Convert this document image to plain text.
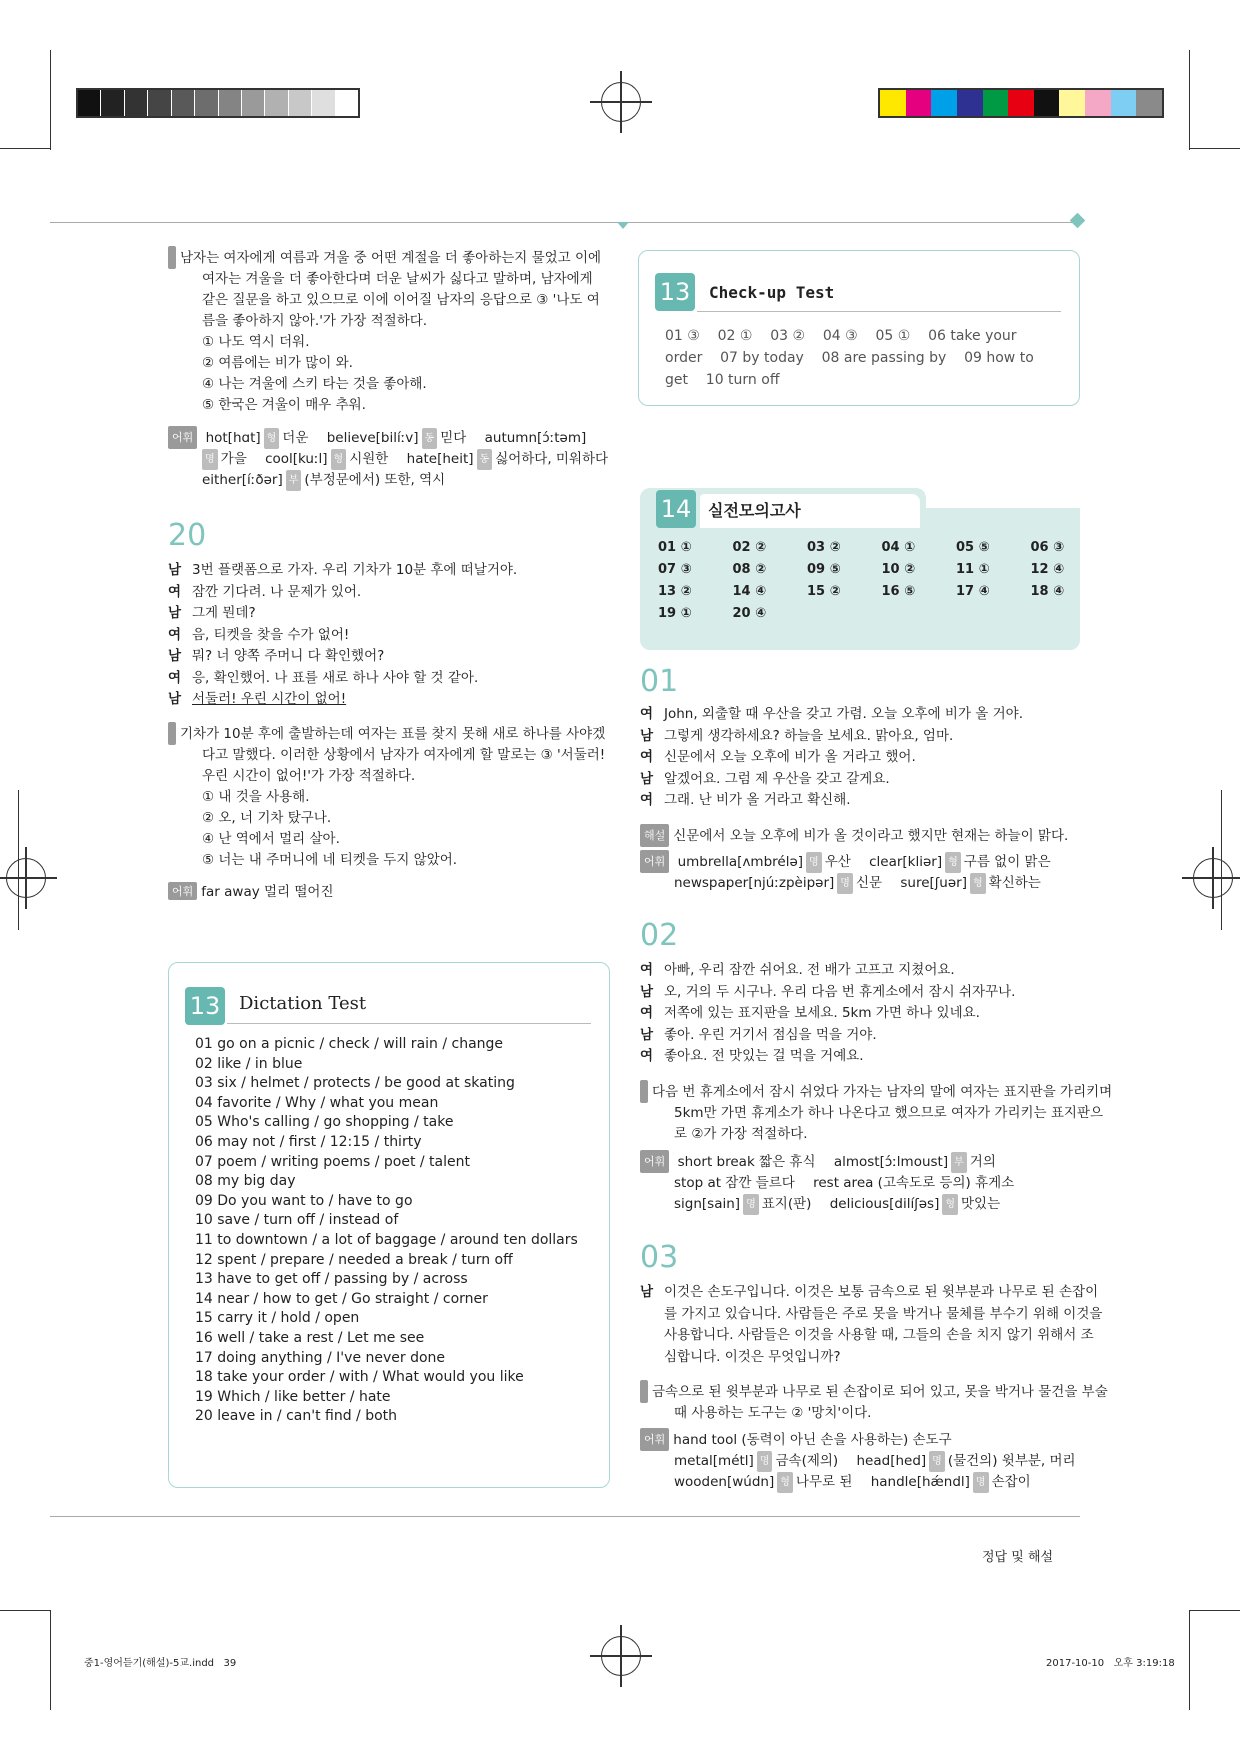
해설 남자는 여자에게 여름과 겨울 중 어떤 계절을 더 좋아하는지 물었고 이에 여자는 겨울을 더 좋아한다며 더운 날씨가 싫다고 말하며, 남자에게 같은 질문을 하고 있으므로 이에 이어질 남자의 응답으로 ③ '나도 여름을 좋아하지 않아.'가 가장 적절하다.
① 나도 역시 더워.
② 여름에는 비가 많이 와.
④ 나는 겨울에 스키 타는 것을 좋아해.
⑤ 한국은 겨울이 매우 추워.
어휘 hot[hɑt] 형 더운 believe[bilíːv] 동 믿다 autumn[ɔ́ːtəm]
명 가을 cool[kuːl] 형 시원한 hate[heit] 동 싫어하다, 미워하다
either[íːðər] 부 (부정문에서) 또한, 역시
20
남 3번 플랫폼으로 가자. 우리 기차가 10분 후에 떠날거야.
여 잠깐 기다려. 나 문제가 있어.
남 그게 뭔데?
여 음, 티켓을 찾을 수가 없어!
남 뭐? 너 양쪽 주머니 다 확인했어?
여 응, 확인했어. 나 표를 새로 하나 사야 할 것 같아.
남 서둘러! 우린 시간이 없어!
해설 기차가 10분 후에 출발하는데 여자는 표를 찾지 못해 새로 하나를 사야겠다고 말했다. 이러한 상황에서 남자가 여자에게 할 말로는 ③ '서둘러! 우린 시간이 없어!'가 가장 적절하다.
① 내 것을 사용해.
② 오, 너 기차 탔구나.
④ 난 역에서 멀리 살아.
⑤ 너는 내 주머니에 네 티켓을 두지 않았어.
어휘 far away 멀리 떨어진
13 Dictation Test
01 go on a picnic / check / will rain / change
02 like / in blue
03 six / helmet / protects / be good at skating
04 favorite / Why / what you mean
05 Who's calling / go shopping / take
06 may not / first / 12:15 / thirty
07 poem / writing poems / poet / talent
08 my big day
09 Do you want to / have to go
10 save / turn off / instead of
11 to downtown / a lot of baggage / around ten dollars
12 spent / prepare / needed a break / turn off
13 have to get off / passing by / across
14 near / how to get / Go straight / corner
15 carry it / hold / open
16 well / take a rest / Let me see
17 doing anything / I've never done
18 take your order / with / What would you like
19 Which / like better / hate
20 leave in / can't find / both
13 Check-up Test
01 ③    02 ①    03 ②    04 ③    05 ①    06 take your
order    07 by today    08 are passing by    09 how to
get    10 turn off
14 실전모의고사
01 ①	02 ②	03 ②	04 ①	05 ⑤	06 ③
07 ③	08 ②	09 ⑤	10 ②	11 ①	12 ④
13 ②	14 ④	15 ②	16 ⑤	17 ④	18 ④
19 ①	20 ④
01
여 John, 외출할 때 우산을 갖고 가렴. 오늘 오후에 비가 올 거야.
남 그렇게 생각하세요? 하늘을 보세요. 맑아요, 엄마.
여 신문에서 오늘 오후에 비가 올 거라고 했어.
남 알겠어요. 그럼 제 우산을 갖고 갈게요.
여 그래. 난 비가 올 거라고 확신해.
해설 신문에서 오늘 오후에 비가 올 것이라고 했지만 현재는 하늘이 맑다.
어휘 umbrella[ʌmbrélə] 명 우산 clear[kliər] 형 구름 없이 맑은
newspaper[njúːzpèipər] 명 신문 sure[ʃuər] 형 확신하는
02
여 아빠, 우리 잠깐 쉬어요. 전 배가 고프고 지쳤어요.
남 오, 거의 두 시구나. 우리 다음 번 휴게소에서 잠시 쉬자꾸나.
여 저쪽에 있는 표지판을 보세요. 5km 가면 하나 있네요.
남 좋아. 우린 거기서 점심을 먹을 거야.
여 좋아요. 전 맛있는 걸 먹을 거예요.
해설 다음 번 휴게소에서 잠시 쉬었다 가자는 남자의 말에 여자는 표지판을 가리키며 5km만 가면 휴게소가 하나 나온다고 했으므로 여자가 가리키는 표지판으로 ②가 가장 적절하다.
어휘 short break 짧은 휴식 almost[ɔ́ːlmoust] 부 거의
stop at 잠깐 들르다 rest area (고속도로 등의) 휴게소
sign[sain] 명 표지(판) delicious[dilíʃəs] 형 맛있는
03
남 이것은 손도구입니다. 이것은 보통 금속으로 된 윗부분과 나무로 된 손잡이를 가지고 있습니다. 사람들은 주로 못을 박거나 물체를 부수기 위해 이것을 사용합니다. 사람들은 이것을 사용할 때, 그들의 손을 치지 않기 위해서 조심합니다. 이것은 무엇입니까?
해설 금속으로 된 윗부분과 나무로 된 손잡이로 되어 있고, 못을 박거나 물건을 부술 때 사용하는 도구는 ② '망치'이다.
어휘 hand tool (동력이 아닌 손을 사용하는) 손도구
metal[métl] 명 금속(제의) head[hed] 명 (물건의) 윗부분, 머리
wooden[wúdn] 형 나무로 된 handle[hǽndl] 명 손잡이
정답 및 해설
중1-영어듣기(해설)-5교.indd   39	2017-10-10   오후 3:19:18
